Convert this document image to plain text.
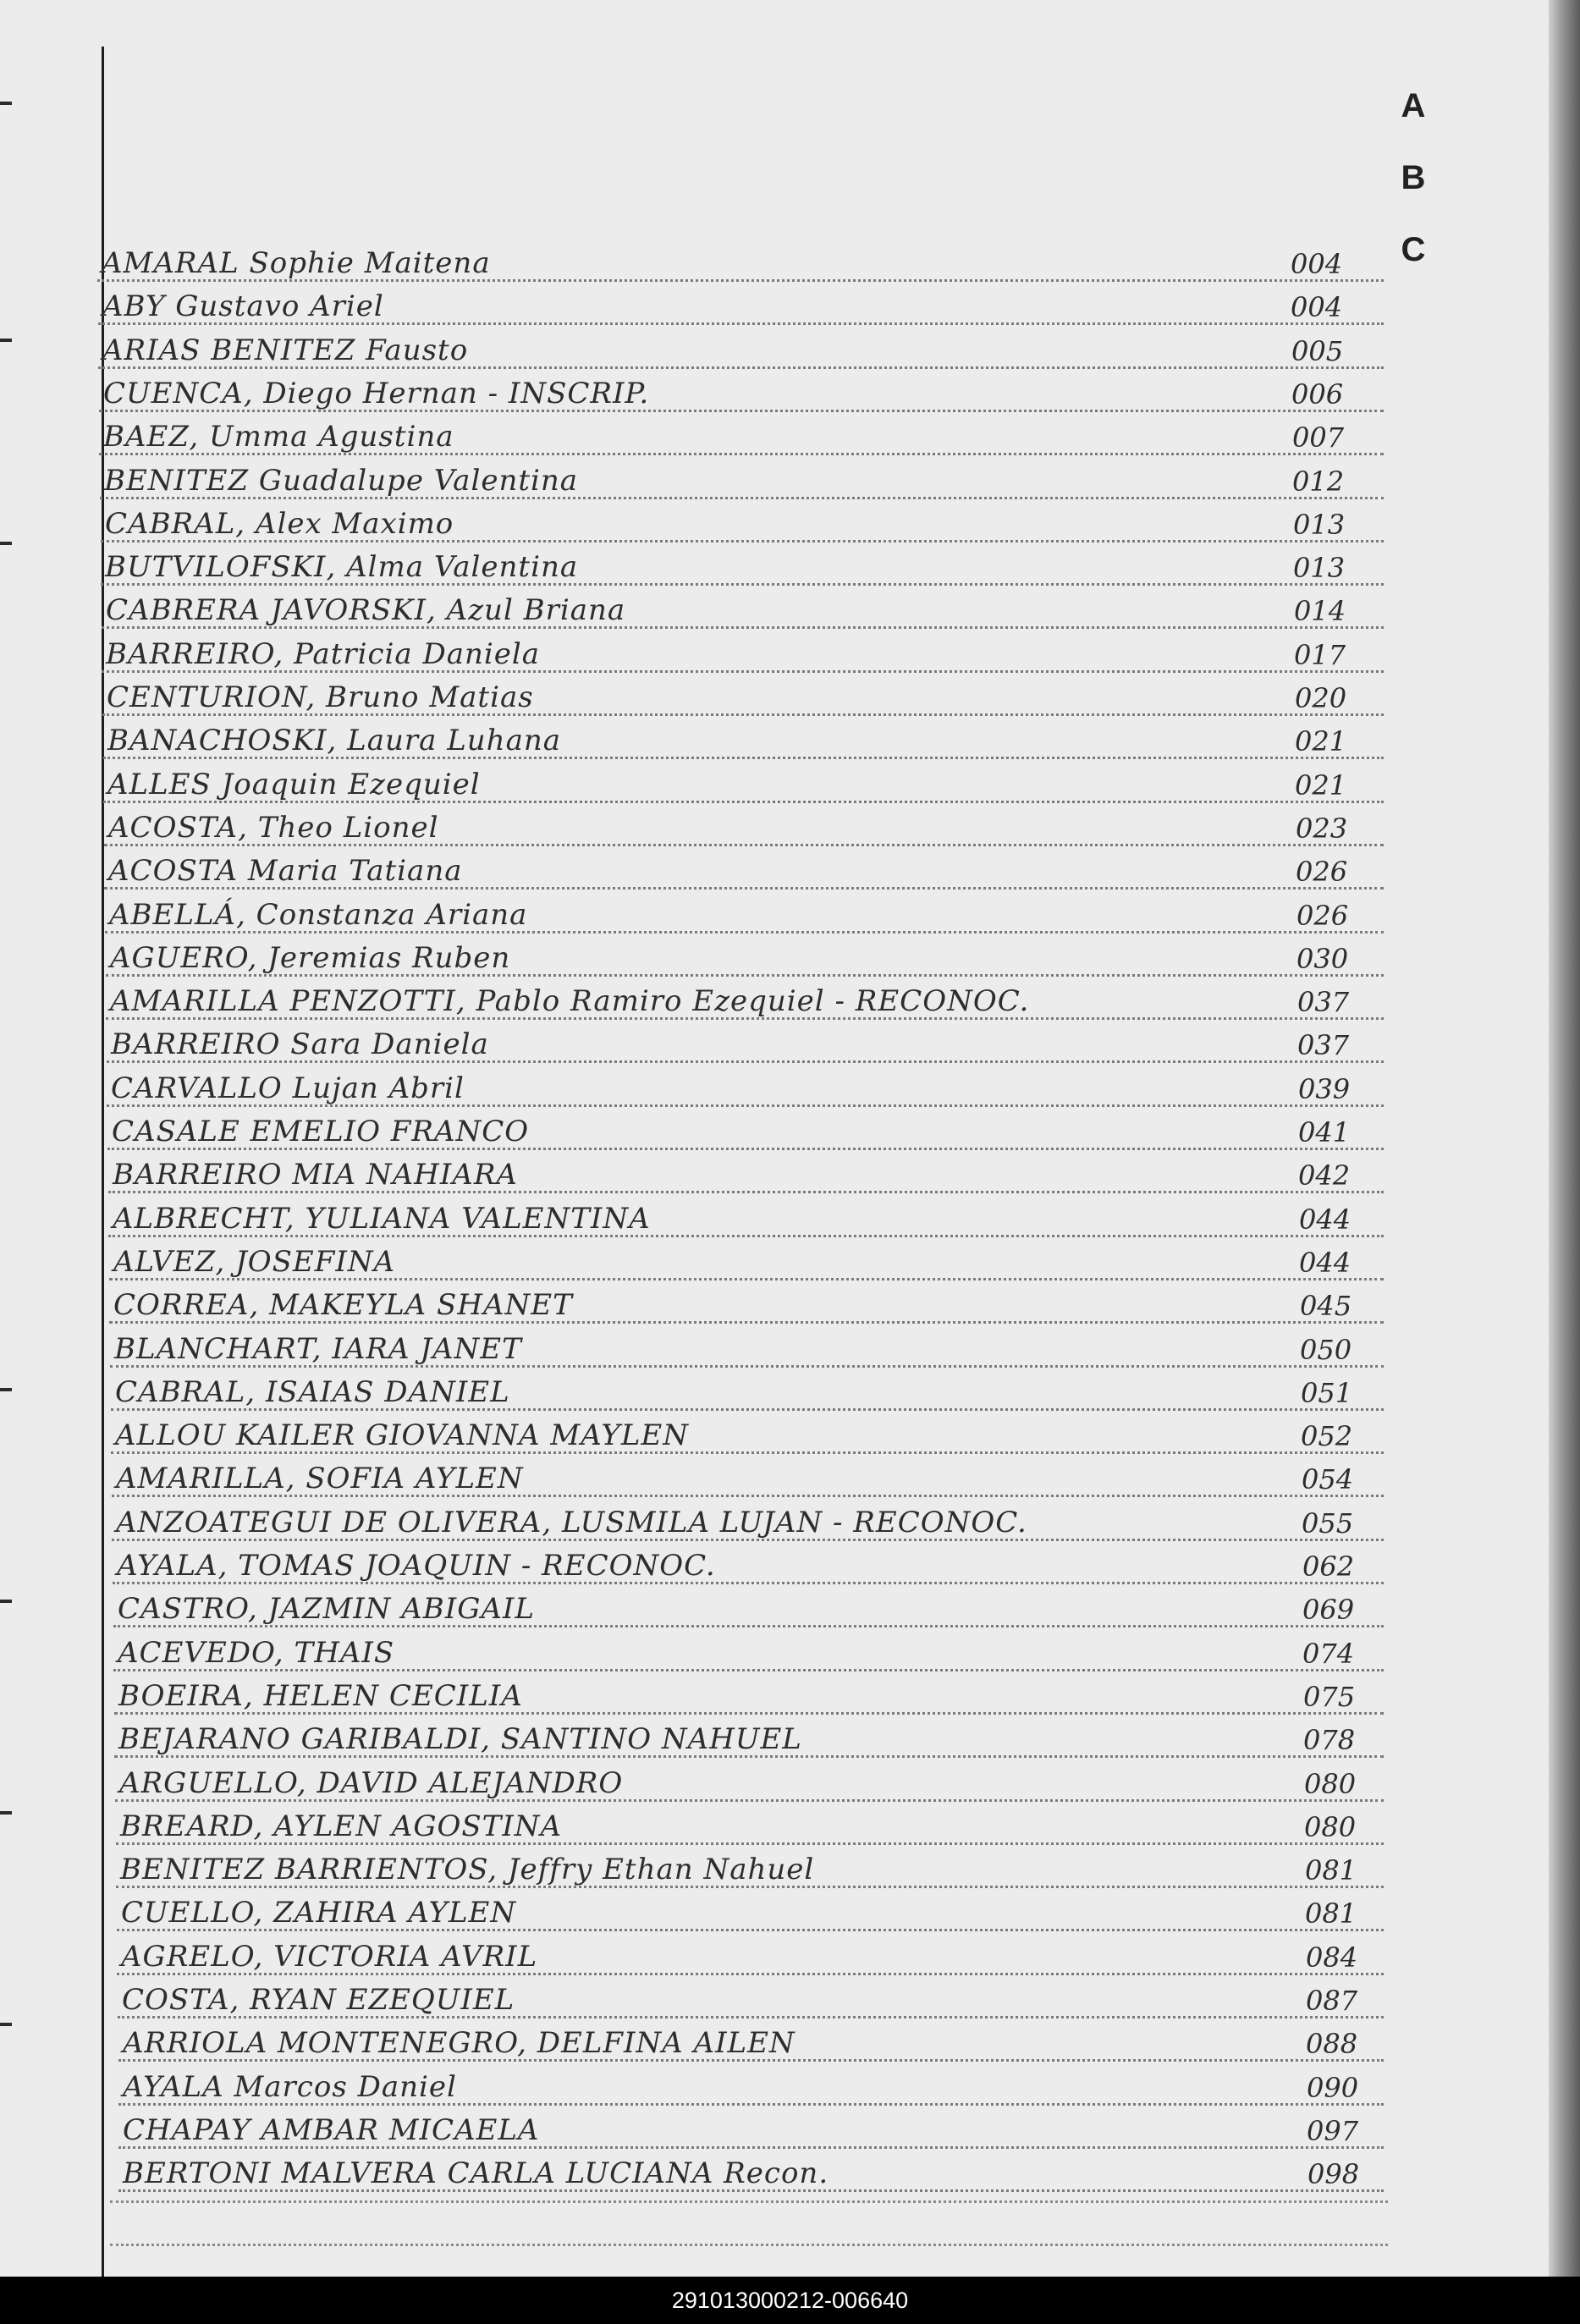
A
B
C
AMARAL Sophie Maitena	004
ABY Gustavo Ariel	004
ARIAS BENITEZ Fausto	005
CUENCA, Diego Hernan - INSCRIP.	006
BAEZ, Umma Agustina	007
BENITEZ Guadalupe Valentina	012
CABRAL, Alex Maximo	013
BUTVILOFSKI, Alma Valentina	013
CABRERA JAVORSKI, Azul Briana	014
BARREIRO, Patricia Daniela	017
CENTURION, Bruno Matias	020
BANACHOSKI, Laura Luhana	021
ALLES Joaquin Ezequiel	021
ACOSTA, Theo Lionel	023
ACOSTA Maria Tatiana	026
ABELLÁ, Constanza Ariana	026
AGUERO, Jeremias Ruben	030
AMARILLA PENZOTTI, Pablo Ramiro Ezequiel - RECONOC.	037
BARREIRO Sara Daniela	037
CARVALLO Lujan Abril	039
CASALE EMELIO FRANCO	041
BARREIRO MIA NAHIARA	042
ALBRECHT, YULIANA VALENTINA	044
ALVEZ, JOSEFINA	044
CORREA, MAKEYLA SHANET	045
BLANCHART, IARA JANET	050
CABRAL, ISAIAS DANIEL	051
ALLOU KAILER GIOVANNA MAYLEN	052
AMARILLA, SOFIA AYLEN	054
ANZOATEGUI DE OLIVERA, LUSMILA LUJAN - RECONOC.	055
AYALA, TOMAS JOAQUIN - RECONOC.	062
CASTRO, JAZMIN ABIGAIL	069
ACEVEDO, THAIS	074
BOEIRA, HELEN CECILIA	075
BEJARANO GARIBALDI, SANTINO NAHUEL	078
ARGUELLO, DAVID ALEJANDRO	080
BREARD, AYLEN AGOSTINA	080
BENITEZ BARRIENTOS, Jeffry Ethan Nahuel	081
CUELLO, ZAHIRA AYLEN	081
AGRELO, VICTORIA AVRIL	084
COSTA, RYAN EZEQUIEL	087
ARRIOLA MONTENEGRO, DELFINA AILEN	088
AYALA Marcos Daniel	090
CHAPAY AMBAR MICAELA	097
BERTONI MALVERA CARLA LUCIANA Recon.	098
291013000212-006640
